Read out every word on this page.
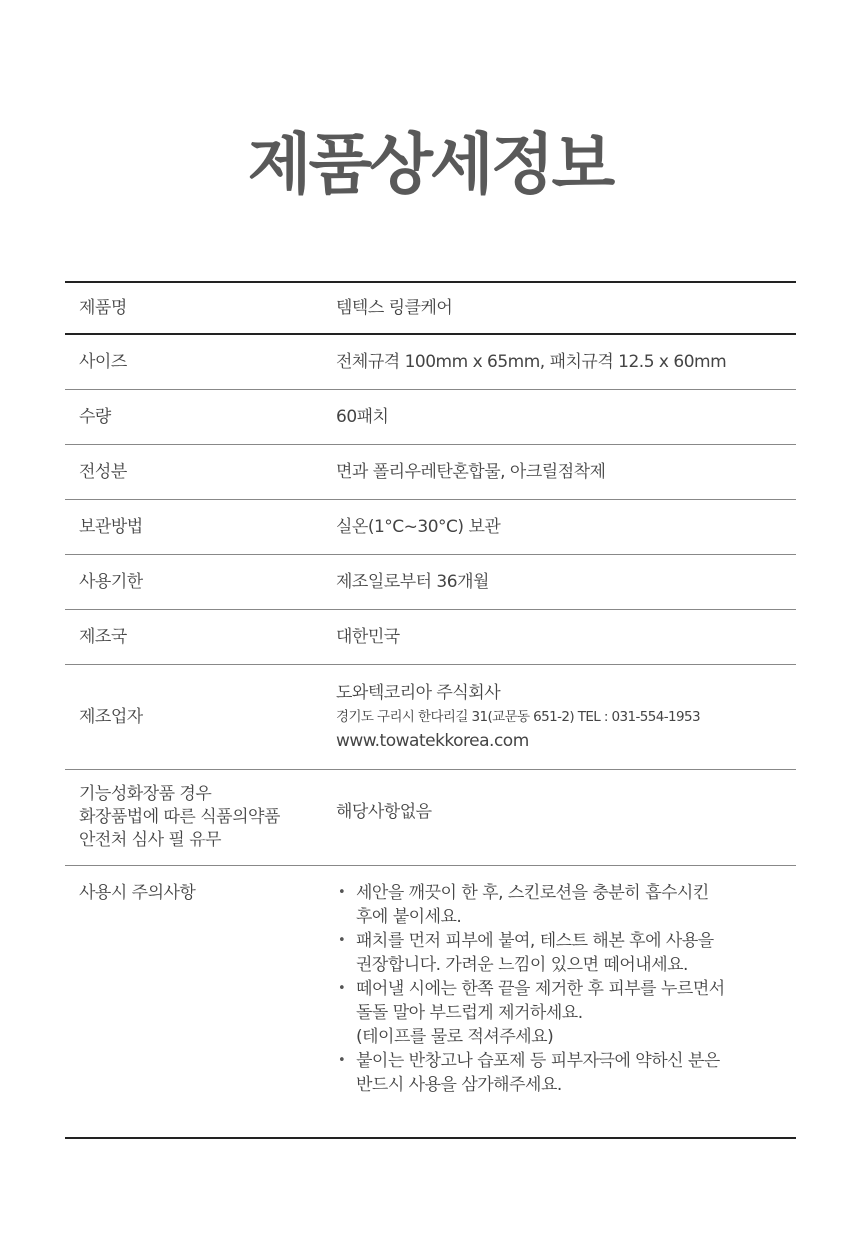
제품상세정보
제품명	템텍스 링클케어
사이즈	전체규격 100mm x 65mm, 패치규격 12.5 x 60mm
수량	60패치
전성분	면과 폴리우레탄혼합물, 아크릴점착제
보관방법	실온(1°C~30°C) 보관
사용기한	제조일로부터 36개월
제조국	대한민국
제조업자
도와텍코리아 주식회사
경기도 구리시 한다리길 31(교문동 651-2) TEL : 031-554-1953
www.towatekkorea.com
기능성화장품 경우
화장품법에 따른 식품의약품
안전처 심사 필 유무
해당사항없음
사용시 주의사항
•	세안을 깨끗이 한 후, 스킨로션을 충분히 흡수시킨
후에 붙이세요.
• 패치를 먼저 피부에 붙여, 테스트 해본 후에 사용을
권장합니다. 가려운 느낌이 있으면 떼어내세요.
• 떼어낼 시에는 한쪽 끝을 제거한 후 피부를 누르면서
돌돌 말아 부드럽게 제거하세요.
(테이프를 물로 적셔주세요)
• 붙이는 반창고나 습포제 등 피부자극에 약하신 분은
반드시 사용을 삼가해주세요.
